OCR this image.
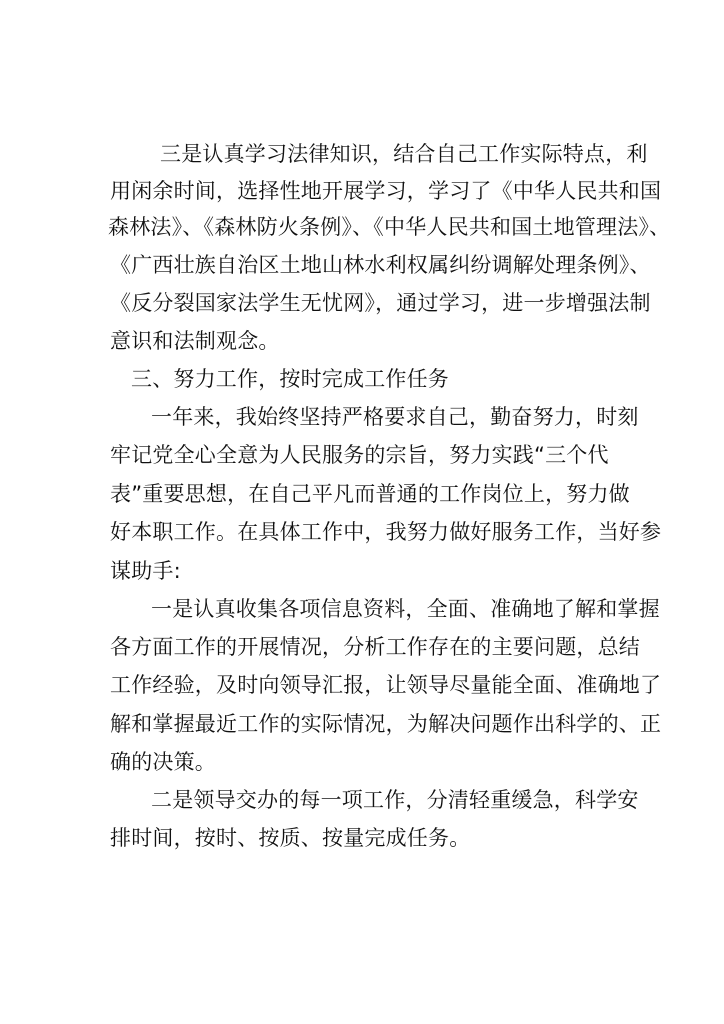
三是认真学习法律知识，结合自己工作实际特点，利
用闲余时间，选择性地开展学习，学习了《中华人民共和国
森林法》、《森林防火条例》、《中华人民共和国土地管理法》、
《广西壮族自治区土地山林水利权属纠纷调解处理条例》、
《反分裂国家法学生无忧网》，通过学习，进一步增强法制
意识和法制观念。
三、努力工作，按时完成工作任务
一年来，我始终坚持严格要求自己，勤奋努力，时刻
牢记党全心全意为人民服务的宗旨，努力实践“三个代
表”重要思想，在自己平凡而普通的工作岗位上，努力做
好本职工作。在具体工作中，我努力做好服务工作，当好参
谋助手:
一是认真收集各项信息资料，全面、准确地了解和掌握
各方面工作的开展情况，分析工作存在的主要问题，总结
工作经验，及时向领导汇报，让领导尽量能全面、准确地了
解和掌握最近工作的实际情况，为解决问题作出科学的、正
确的决策。
二是领导交办的每一项工作，分清轻重缓急，科学安
排时间，按时、按质、按量完成任务。
